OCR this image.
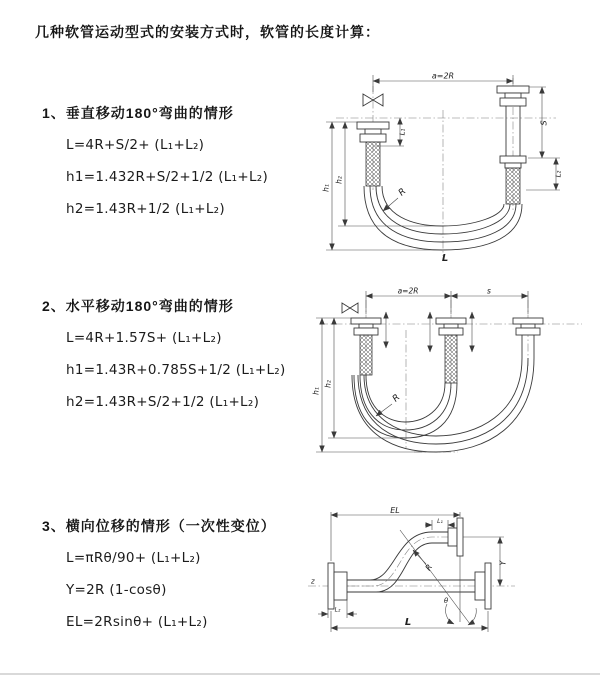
几种软管运动型式的安装方式时，软管的长度计算：
1、垂直移动180°弯曲的情形
L=4R+S/2+ (L₁+L₂)
h1=1.432R+S/2+1/2 (L₁+L₂)
h2=1.43R+1/2 (L₁+L₂)
2、水平移动180°弯曲的情形
L=4R+1.57S+ (L₁+L₂)
h1=1.43R+0.785S+1/2 (L₁+L₂)
h2=1.43R+S/2+1/2 (L₁+L₂)
3、横向位移的情形（一次性变位）
L=πRθ/90+ (L₁+L₂)
Y=2R (1-cosθ)
EL=2Rsinθ+ (L₁+L₂)
a=2R
L₁
S
L₂
h₁
h₂
R
L
a=2R	s
h₁
h₂
R
z
EL
L₁
θ
R	Y
L₂
L
